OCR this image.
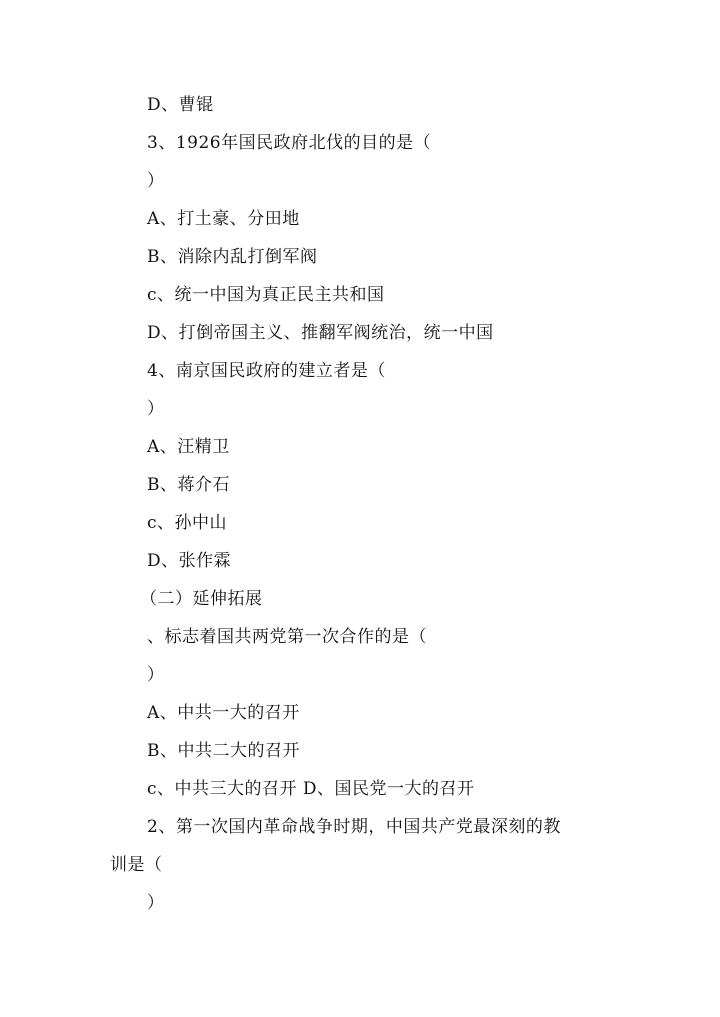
D、曹锟
3、1926年国民政府北伐的目的是（
）
A、打土豪、分田地
B、消除内乱打倒军阀
c、统一中国为真正民主共和国
D、打倒帝国主义、推翻军阀统治，统一中国
4、南京国民政府的建立者是（
）
A、汪精卫
B、蒋介石
c、孙中山
D、张作霖
（二）延伸拓展
、标志着国共两党第一次合作的是（
）
A、中共一大的召开
B、中共二大的召开
c、中共三大的召开 D、国民党一大的召开
2、第一次国内革命战争时期，中国共产党最深刻的教
训是（
）
